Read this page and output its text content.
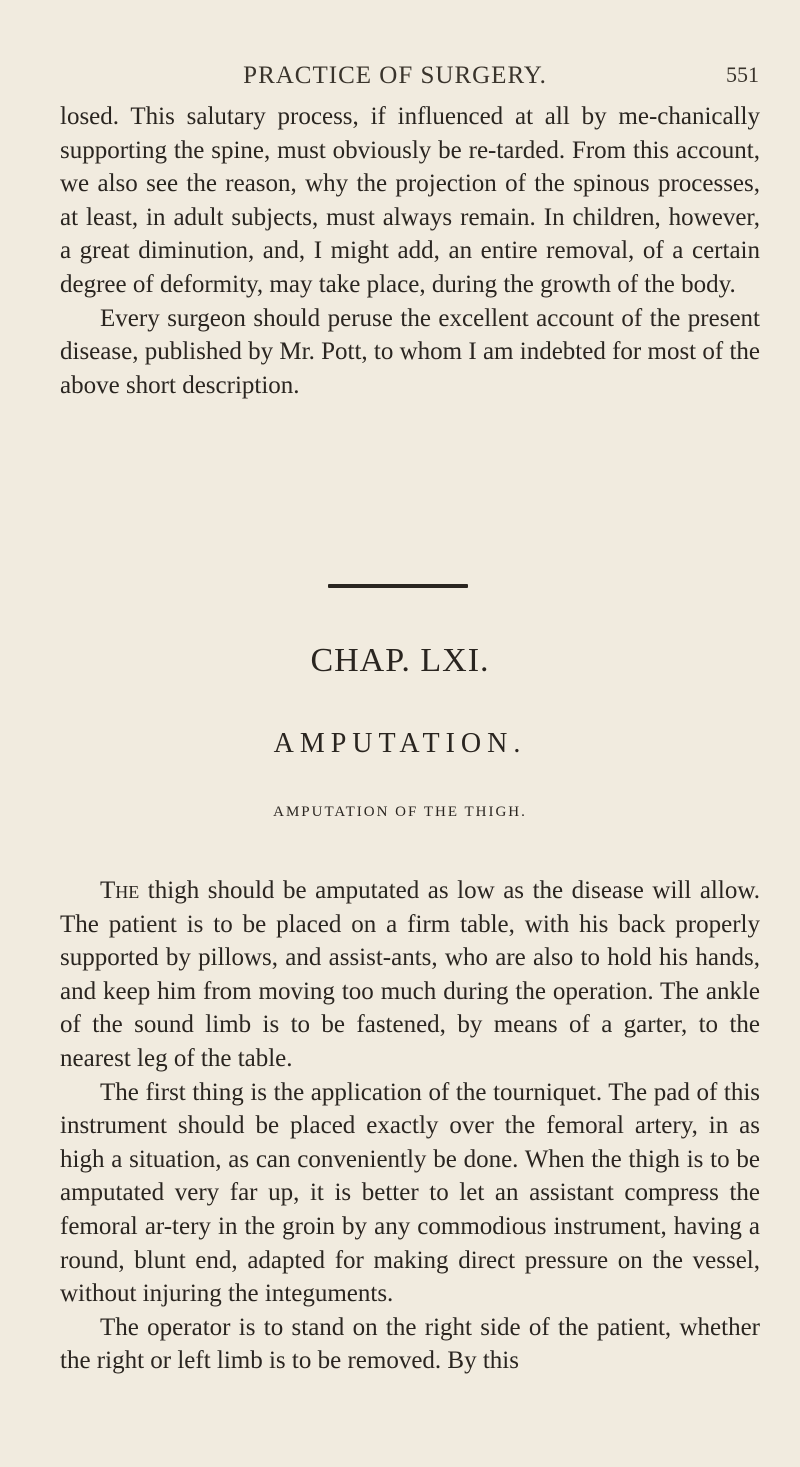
PRACTICE OF SURGERY.	551

losed. This salutary process, if influenced at all by me-chanically supporting the spine, must obviously be re-tarded. From this account, we also see the reason, why the projection of the spinous processes, at least, in adult subjects, must always remain. In children, however, a great diminution, and, I might add, an entire removal, of a certain degree of deformity, may take place, during the growth of the body.

Every surgeon should peruse the excellent account of the present disease, published by Mr. Pott, to whom I am indebted for most of the above short description.

CHAP. LXI.
AMPUTATION.
AMPUTATION OF THE THIGH.

The thigh should be amputated as low as the disease will allow. The patient is to be placed on a firm table, with his back properly supported by pillows, and assist-ants, who are also to hold his hands, and keep him from moving too much during the operation. The ankle of the sound limb is to be fastened, by means of a garter, to the nearest leg of the table.

The first thing is the application of the tourniquet. The pad of this instrument should be placed exactly over the femoral artery, in as high a situation, as can conveniently be done. When the thigh is to be amputated very far up, it is better to let an assistant compress the femoral ar-tery in the groin by any commodious instrument, having a round, blunt end, adapted for making direct pressure on the vessel, without injuring the integuments.

The operator is to stand on the right side of the patient, whether the right or left limb is to be removed. By this
